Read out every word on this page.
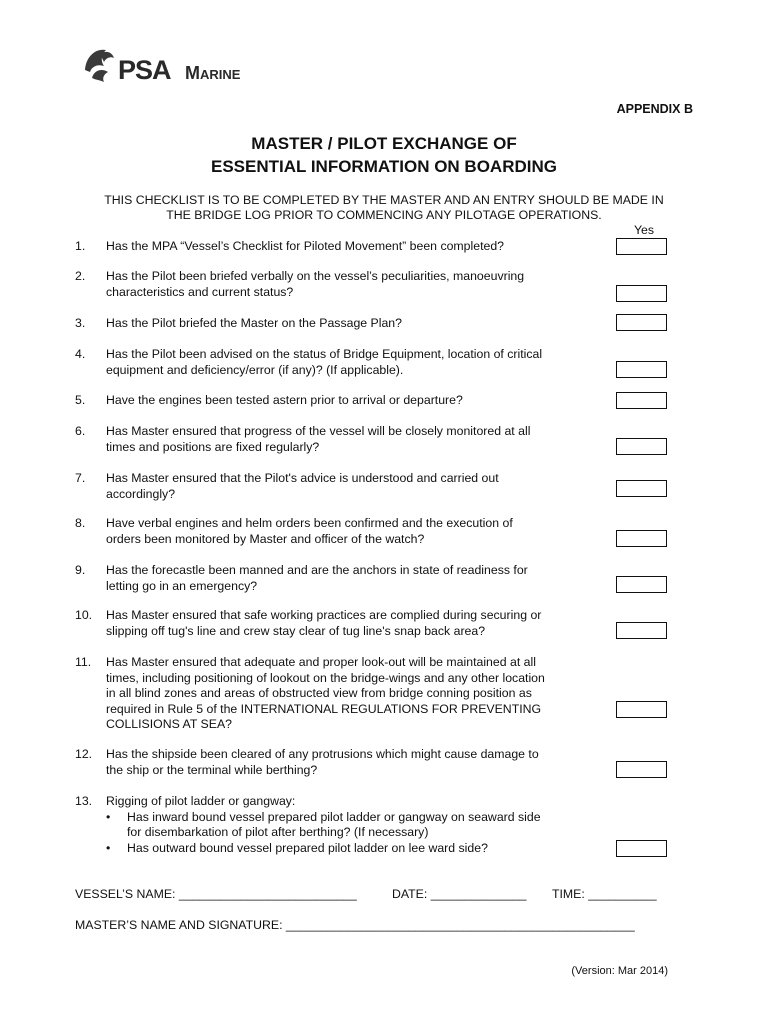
PSA Marine
APPENDIX B
MASTER / PILOT EXCHANGE OF
ESSENTIAL INFORMATION ON BOARDING
THIS CHECKLIST IS TO BE COMPLETED BY THE MASTER AND AN ENTRY SHOULD BE MADE IN
THE BRIDGE LOG PRIOR TO COMMENCING ANY PILOTAGE OPERATIONS.
Yes
1. Has the MPA “Vessel’s Checklist for Piloted Movement” been completed?
2. Has the Pilot been briefed verbally on the vessel’s peculiarities, manoeuvring
characteristics and current status?
3. Has the Pilot briefed the Master on the Passage Plan?
4. Has the Pilot been advised on the status of Bridge Equipment, location of critical
equipment and deficiency/error (if any)? (If applicable).
5. Have the engines been tested astern prior to arrival or departure?
6. Has Master ensured that progress of the vessel will be closely monitored at all
times and positions are fixed regularly?
7. Has Master ensured that the Pilot's advice is understood and carried out
accordingly?
8. Have verbal engines and helm orders been confirmed and the execution of
orders been monitored by Master and officer of the watch?
9. Has the forecastle been manned and are the anchors in state of readiness for
letting go in an emergency?
10. Has Master ensured that safe working practices are complied during securing or
slipping off tug's line and crew stay clear of tug line's snap back area?
11. Has Master ensured that adequate and proper look-out will be maintained at all
times, including positioning of lookout on the bridge-wings and any other location
in all blind zones and areas of obstructed view from bridge conning position as
required in Rule 5 of the INTERNATIONAL REGULATIONS FOR PREVENTING
COLLISIONS AT SEA?
12. Has the shipside been cleared of any protrusions which might cause damage to
the ship or the terminal while berthing?
13. Rigging of pilot ladder or gangway:
• Has inward bound vessel prepared pilot ladder or gangway on seaward side
for disembarkation of pilot after berthing? (If necessary)
• Has outward bound vessel prepared pilot ladder on lee ward side?
VESSEL’S NAME: __________________________	DATE: ______________ TIME: __________
MASTER’S NAME AND SIGNATURE: ___________________________________________________
(Version: Mar 2014)
